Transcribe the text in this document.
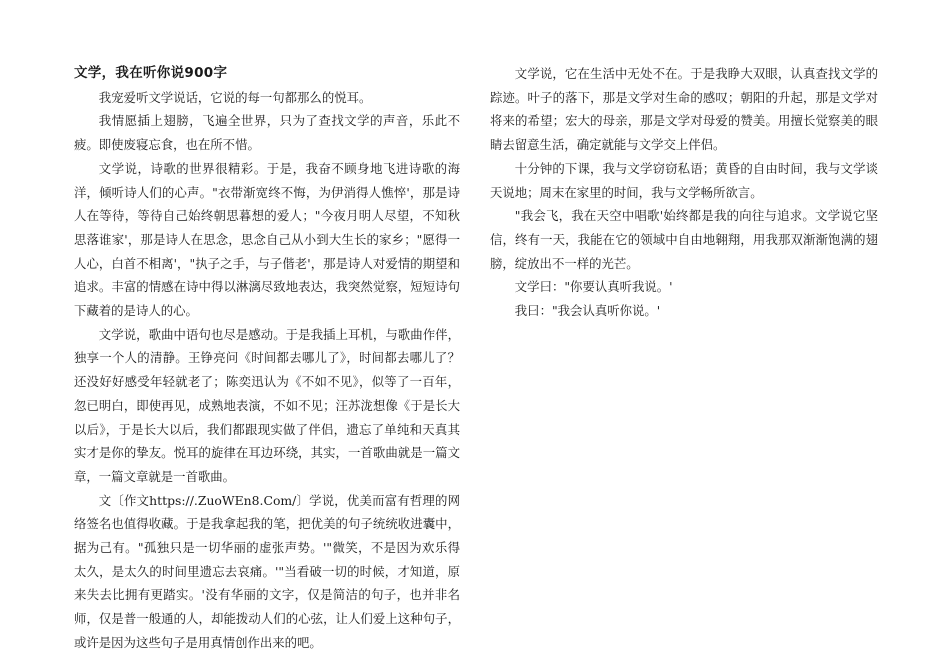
文学，我在听你说900字

我宠爱听文学说话，它说的每一句都那么的悦耳。

我情愿插上翅膀，飞遍全世界，只为了查找文学的声音，乐此不疲。即使废寝忘食，也在所不惜。

文学说，诗歌的世界很精彩。于是，我奋不顾身地飞进诗歌的海洋，倾听诗人们的心声。"衣带渐宽终不悔，为伊消得人憔悴'，那是诗人在等待，等待自己始终朝思暮想的爱人；"今夜月明人尽望，不知秋思落谁家'，那是诗人在思念，思念自己从小到大生长的家乡；"愿得一人心，白首不相离'，"执子之手，与子偕老'，那是诗人对爱情的期望和追求。丰富的情感在诗中得以淋漓尽致地表达，我突然觉察，短短诗句下藏着的是诗人的心。

文学说，歌曲中语句也尽是感动。于是我插上耳机，与歌曲作伴，独享一个人的清静。王铮亮问《时间都去哪儿了》，时间都去哪儿了？还没好好感受年轻就老了；陈奕迅认为《不如不见》，似等了一百年，忽已明白，即使再见，成熟地表演，不如不见；汪苏泷想像《于是长大以后》，于是长大以后，我们都跟现实做了伴侣，遗忘了单纯和天真其实才是你的挚友。悦耳的旋律在耳边环绕，其实，一首歌曲就是一篇文章，一篇文章就是一首歌曲。

文〔作文https://.ZuoWEn8.Com/〕学说，优美而富有哲理的网络签名也值得收藏。于是我拿起我的笔，把优美的句子统统收进囊中，据为己有。"孤独只是一切华丽的虚张声势。'"微笑，不是因为欢乐得太久，是太久的时间里遗忘去哀痛。'"当看破一切的时候，才知道，原来失去比拥有更踏实。'没有华丽的文字，仅是简洁的句子，也并非名师，仅是普一般通的人，却能拨动人们的心弦，让人们爱上这种句子，或许是因为这些句子是用真情创作出来的吧。

文学说，它在生活中无处不在。于是我睁大双眼，认真查找文学的踪迹。叶子的落下，那是文学对生命的感叹；朝阳的升起，那是文学对将来的希望；宏大的母亲，那是文学对母爱的赞美。用擅长觉察美的眼睛去留意生活，确定就能与文学交上伴侣。

十分钟的下课，我与文学窃窃私语；黄昏的自由时间，我与文学谈天说地；周末在家里的时间，我与文学畅所欲言。

"我会飞，我在天空中唱歌'始终都是我的向往与追求。文学说它坚信，终有一天，我能在它的领域中自由地翱翔，用我那双渐渐饱满的翅膀，绽放出不一样的光芒。

文学曰："你要认真听我说。'

我曰："我会认真听你说。'
